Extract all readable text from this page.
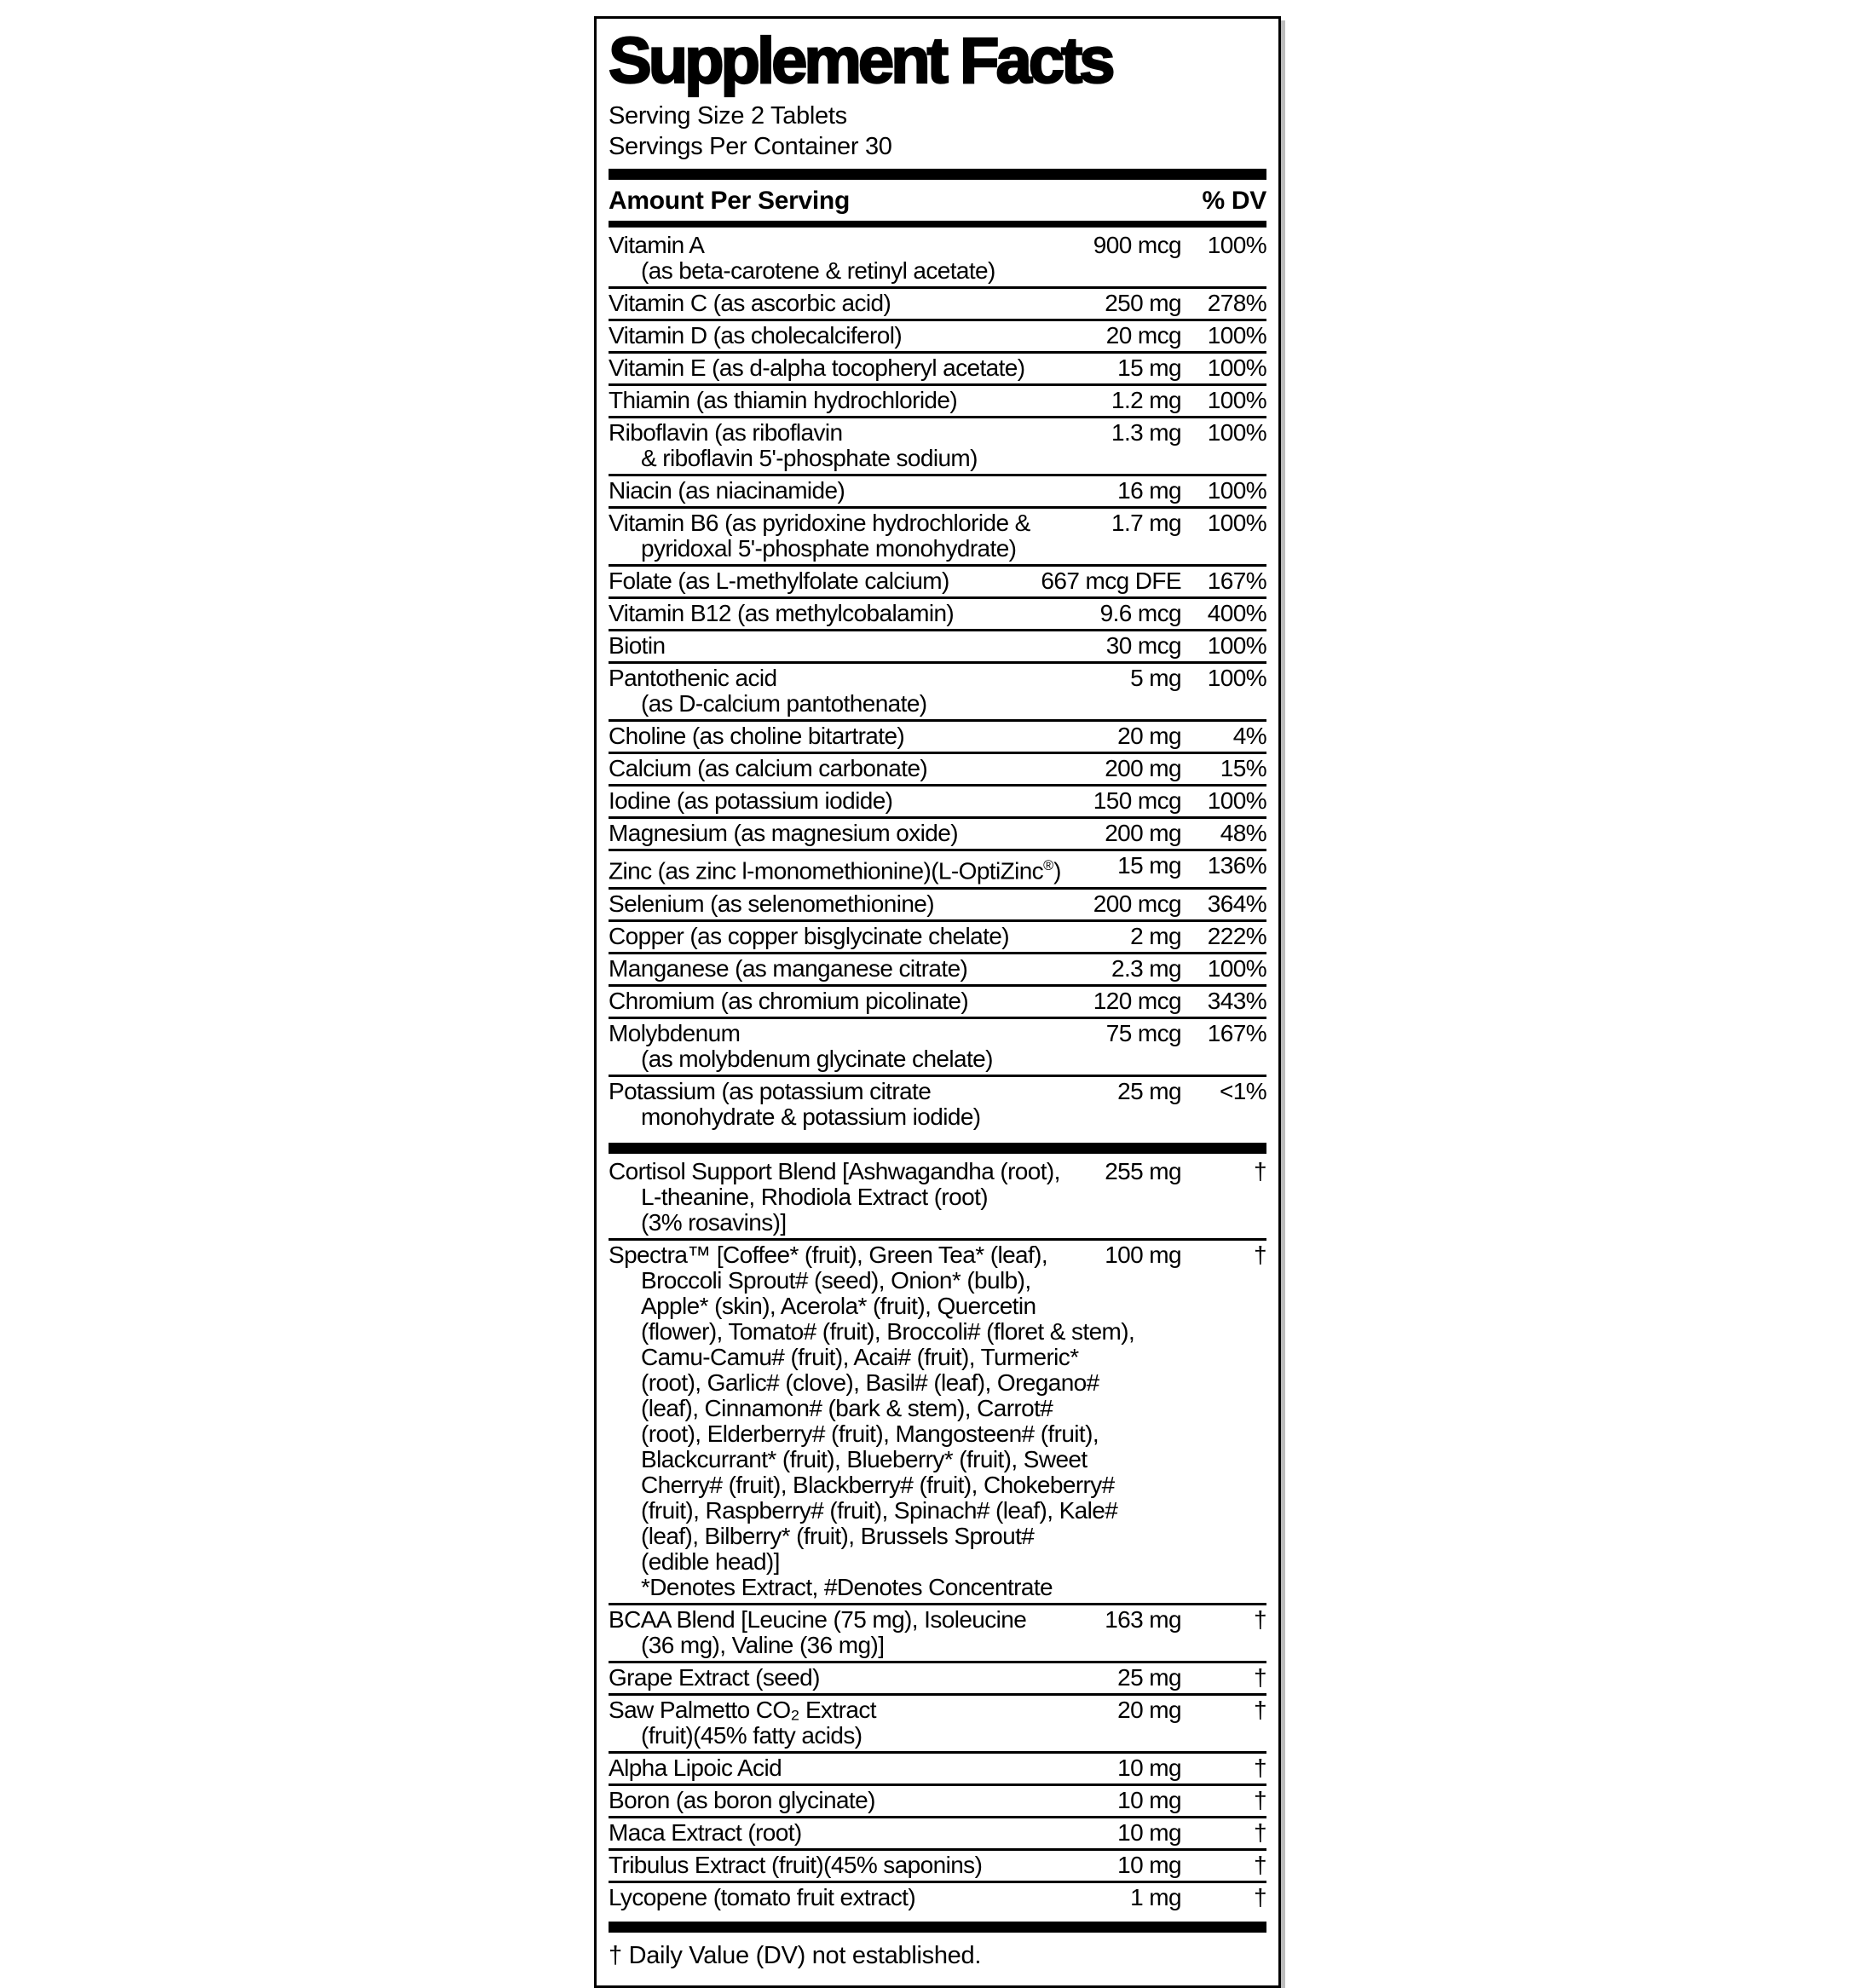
Supplement Facts
Serving Size 2 Tablets
Servings Per Container 30
Amount Per Serving	% DV
Vitamin A
(as beta-carotene & retinyl acetate)
900 mcg	100%
Vitamin C (as ascorbic acid)	250 mg	278%
Vitamin D (as cholecalciferol)	20 mcg	100%
Vitamin E (as d-alpha tocopheryl acetate)	15 mg	100%
Thiamin (as thiamin hydrochloride)	1.2 mg	100%
Riboflavin (as riboflavin
& riboflavin 5'-phosphate sodium)
1.3 mg	100%
Niacin (as niacinamide)	16 mg	100%
Vitamin B6 (as pyridoxine hydrochloride &
pyridoxal 5'-phosphate monohydrate)
1.7 mg	100%
Folate (as L-methylfolate calcium)	667 mcg DFE	167%
Vitamin B12 (as methylcobalamin)	9.6 mcg	400%
Biotin	30 mcg	100%
Pantothenic acid
(as D-calcium pantothenate)
5 mg	100%
Choline (as choline bitartrate)	20 mg	4%
Calcium (as calcium carbonate)	200 mg	15%
Iodine (as potassium iodide)	150 mcg	100%
Magnesium (as magnesium oxide)	200 mg	48%
Zinc (as zinc l-monomethionine)(L-OptiZinc®)	15 mg	136%
Selenium (as selenomethionine)	200 mcg	364%
Copper (as copper bisglycinate chelate)	2 mg	222%
Manganese (as manganese citrate)	2.3 mg	100%
Chromium (as chromium picolinate)	120 mcg	343%
Molybdenum
(as molybdenum glycinate chelate)
75 mcg	167%
Potassium (as potassium citrate
monohydrate & potassium iodide)
25 mg	<1%
Cortisol Support Blend [Ashwagandha (root),
L-theanine, Rhodiola Extract (root)
(3% rosavins)]
255 mg	†
Spectra™ [Coffee* (fruit), Green Tea* (leaf),
Broccoli Sprout# (seed), Onion* (bulb),
Apple* (skin), Acerola* (fruit), Quercetin
(flower), Tomato# (fruit), Broccoli# (floret & stem),
Camu-Camu# (fruit), Acai# (fruit), Turmeric*
(root), Garlic# (clove), Basil# (leaf), Oregano#
(leaf), Cinnamon# (bark & stem), Carrot#
(root), Elderberry# (fruit), Mangosteen# (fruit),
Blackcurrant* (fruit), Blueberry* (fruit), Sweet
Cherry# (fruit), Blackberry# (fruit), Chokeberry#
(fruit), Raspberry# (fruit), Spinach# (leaf), Kale#
(leaf), Bilberry* (fruit), Brussels Sprout#
(edible head)]
*Denotes Extract, #Denotes Concentrate
100 mg	†
BCAA Blend [Leucine (75 mg), Isoleucine
(36 mg), Valine (36 mg)]
163 mg	†
Grape Extract (seed)	25 mg	†
Saw Palmetto CO₂ Extract
(fruit)(45% fatty acids)
20 mg	†
Alpha Lipoic Acid	10 mg	†
Boron (as boron glycinate)	10 mg	†
Maca Extract (root)	10 mg	†
Tribulus Extract (fruit)(45% saponins)	10 mg	†
Lycopene (tomato fruit extract)	1 mg	†
† Daily Value (DV) not established.
